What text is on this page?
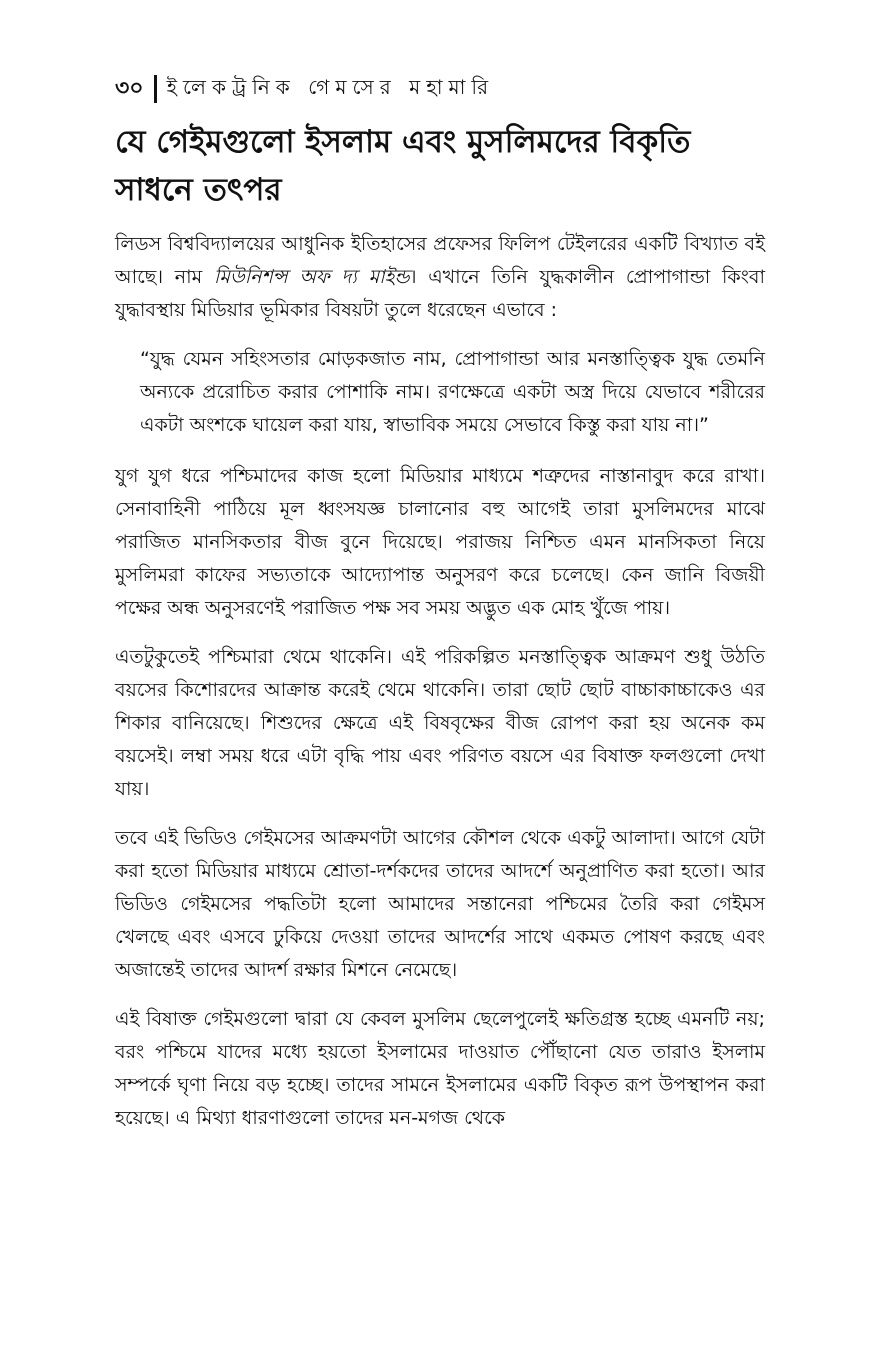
৩০ ইলেকট্রনিক গেমসের মহামারি
যে গেইমগুলো ইসলাম এবং মুসলিমদের বিকৃতি সাধনে তৎপর

লিডস বিশ্ববিদ্যালয়ের আধুনিক ইতিহাসের প্রফেসর ফিলিপ টেইলরের একটি বিখ্যাত বই আছে। নাম মিউনিশন্স অফ দ্য মাইন্ড। এখানে তিনি যুদ্ধকালীন প্রোপাগান্ডা কিংবা যুদ্ধাবস্থায় মিডিয়ার ভূমিকার বিষয়টা তুলে ধরেছেন এভাবে :

“যুদ্ধ যেমন সহিংসতার মোড়কজাত নাম, প্রোপাগান্ডা আর মনস্তাত্ত্বিক যুদ্ধ তেমনি অন্যকে প্ররোচিত করার পোশাকি নাম। রণক্ষেত্রে একটা অস্ত্র দিয়ে যেভাবে শরীরের একটা অংশকে ঘায়েল করা যায়, স্বাভাবিক সময়ে সেভাবে কিস্তু করা যায় না।”

যুগ যুগ ধরে পশ্চিমাদের কাজ হলো মিডিয়ার মাধ্যমে শত্রুদের নাস্তানাবুদ করে রাখা। সেনাবাহিনী পাঠিয়ে মূল ধ্বংসযজ্ঞ চালানোর বহু আগেই তারা মুসলিমদের মাঝে পরাজিত মানসিকতার বীজ বুনে দিয়েছে। পরাজয় নিশ্চিত এমন মানসিকতা নিয়ে মুসলিমরা কাফের সভ্যতাকে আদ্যোপান্ত অনুসরণ করে চলেছে। কেন জানি বিজয়ী পক্ষের অন্ধ অনুসরণেই পরাজিত পক্ষ সব সময় অদ্ভুত এক মোহ খুঁজে পায়।

এতটুকুতেই পশ্চিমারা থেমে থাকেনি। এই পরিকল্পিত মনস্তাত্ত্বিক আক্রমণ শুধু উঠতি বয়সের কিশোরদের আক্রান্ত করেই থেমে থাকেনি। তারা ছোট ছোট বাচ্চাকাচ্চাকেও এর শিকার বানিয়েছে। শিশুদের ক্ষেত্রে এই বিষবৃক্ষের বীজ রোপণ করা হয় অনেক কম বয়সেই। লম্বা সময় ধরে এটা বৃদ্ধি পায় এবং পরিণত বয়সে এর বিষাক্ত ফলগুলো দেখা যায়।

তবে এই ভিডিও গেইমসের আক্রমণটা আগের কৌশল থেকে একটু আলাদা। আগে যেটা করা হতো মিডিয়ার মাধ্যমে শ্রোতা-দর্শকদের তাদের আদর্শে অনুপ্রাণিত করা হতো। আর ভিডিও গেইমসের পদ্ধতিটা হলো আমাদের সন্তানেরা পশ্চিমের তৈরি করা গেইমস খেলছে এবং এসবে ঢুকিয়ে দেওয়া তাদের আদর্শের সাথে একমত পোষণ করছে এবং অজান্তেই তাদের আদর্শ রক্ষার মিশনে নেমেছে।

এই বিষাক্ত গেইমগুলো দ্বারা যে কেবল মুসলিম ছেলেপুলেই ক্ষতিগ্রস্ত হচ্ছে এমনটি নয়; বরং পশ্চিমে যাদের মধ্যে হয়তো ইসলামের দাওয়াত পৌঁছানো যেত তারাও ইসলাম সম্পর্কে ঘৃণা নিয়ে বড় হচ্ছে। তাদের সামনে ইসলামের একটি বিকৃত রূপ উপস্থাপন করা হয়েছে। এ মিথ্যা ধারণাগুলো তাদের মন-মগজ থেকে
